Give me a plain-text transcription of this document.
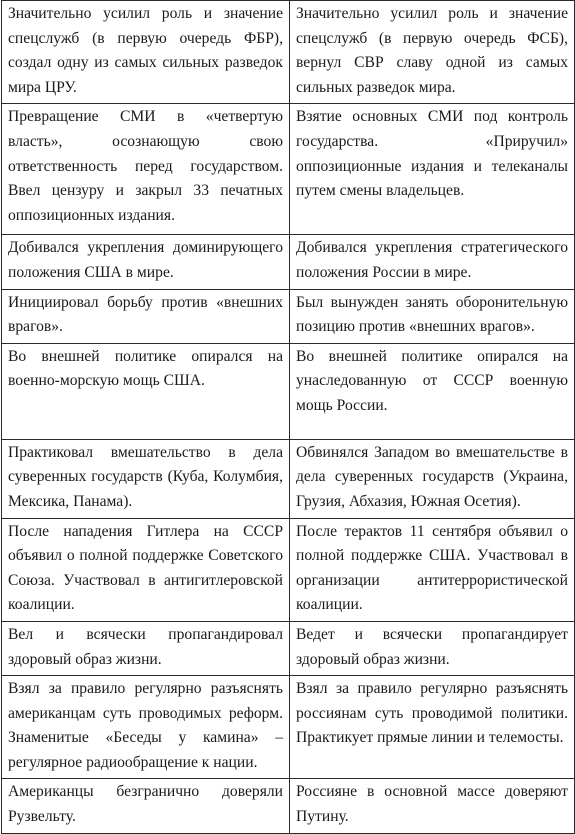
Значительно усилил роль и значение спецслужб (в первую очередь ФБР), создал одну из самых сильных разведок мира ЦРУ.	Значительно усилил роль и значение спецслужб (в первую очередь ФСБ), вернул СВР славу одной из самых сильных разведок мира.
Превращение СМИ в «четвертую власть», осознающую свою ответственность перед государством. Ввел цензуру и закрыл 33 печатных оппозиционных издания.	Взятие основных СМИ под контроль государства. «Приручил» оппозиционные издания и телеканалы путем смены владельцев.
Добивался укрепления доминирующего положения США в мире.	Добивался укрепления стратегического положения России в мире.
Инициировал борьбу против «внешних врагов».	Был вынужден занять оборонительную позицию против «внешних врагов».
Во внешней политике опирался на военно-морскую мощь США.	Во внешней политике опирался на унаследованную от СССР военную мощь России.
Практиковал вмешательство в дела суверенных государств (Куба, Колумбия, Мексика, Панама).	Обвинялся Западом во вмешательстве в дела суверенных государств (Украина, Грузия, Абхазия, Южная Осетия).
После нападения Гитлера на СССР объявил о полной поддержке Советского Союза. Участвовал в антигитлеровской коалиции.	После терактов 11 сентября объявил о полной поддержке США. Участвовал в организации антитеррористической коалиции.
Вел и всячески пропагандировал здоровый образ жизни.	Ведет и всячески пропагандирует здоровый образ жизни.
Взял за правило регулярно разъяснять американцам суть проводимых реформ. Знаменитые «Беседы у камина» – регулярное радиообращение к нации.	Взял за правило регулярно разъяснять россиянам суть проводимой политики. Практикует прямые линии и телемосты.
Американцы безгранично доверяли Рузвельту.	Россияне в основной массе доверяют Путину.
